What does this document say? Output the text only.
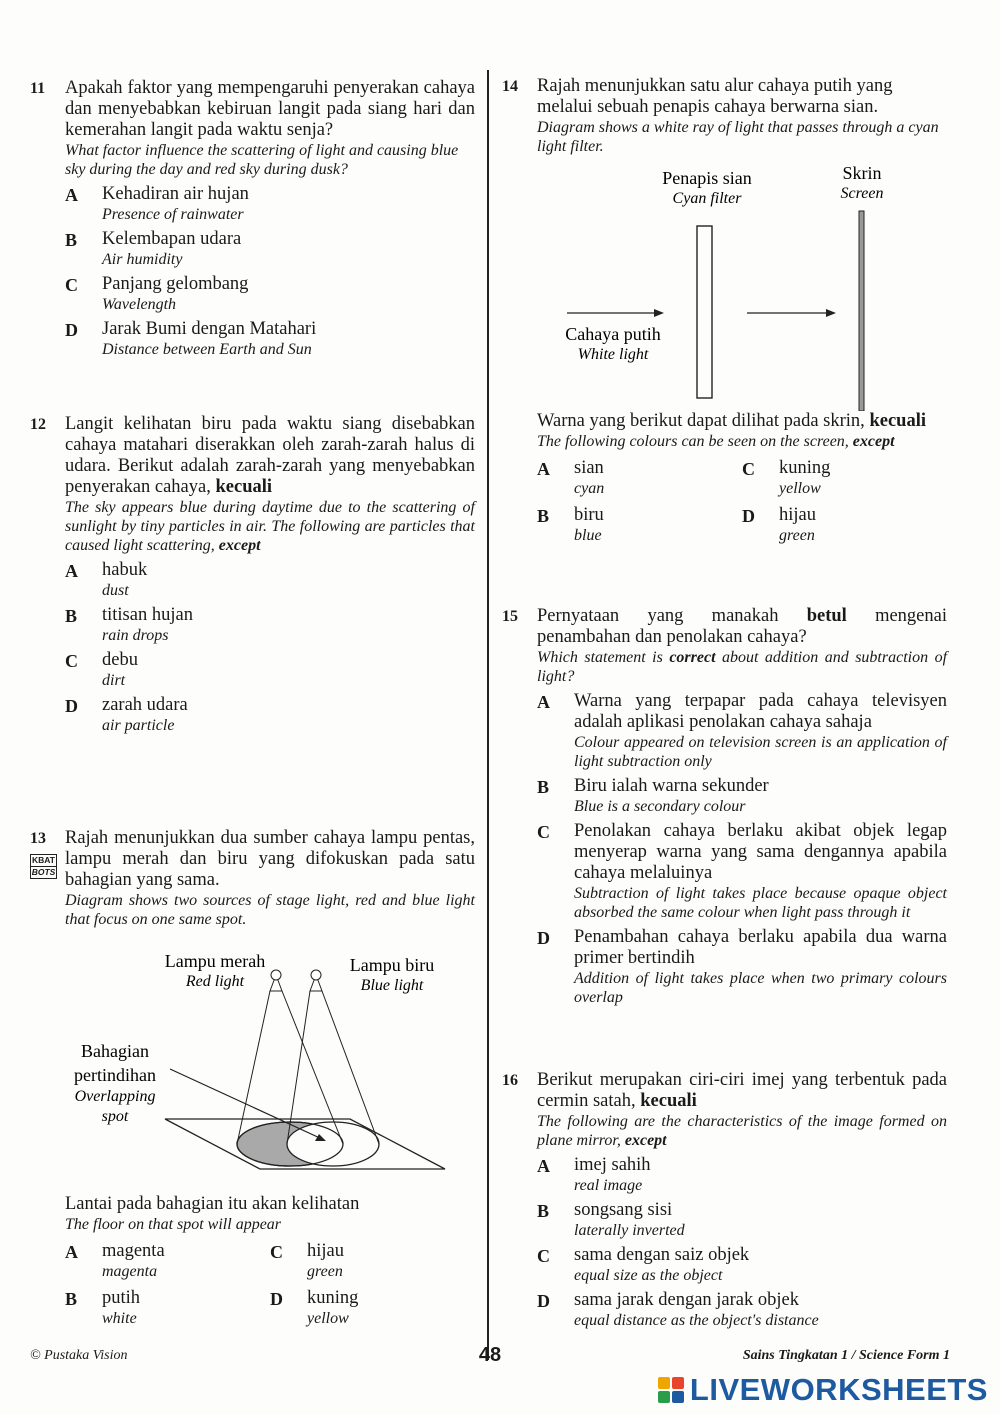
11 Apakah faktor yang mempengaruhi penyerakan cahaya dan menyebabkan kebiruan langit pada siang hari dan kemerahan langit pada waktu senja?
What factor influence the scattering of light and causing blue sky during the day and red sky during dusk?
A Kehadiran air hujan
Presence of rainwater
B Kelembapan udara
Air humidity
C Panjang gelombang
Wavelength
D Jarak Bumi dengan Matahari
Distance between Earth and Sun
12 Langit kelihatan biru pada waktu siang disebabkan cahaya matahari diserakkan oleh zarah-zarah halus di udara. Berikut adalah zarah-zarah yang menyebabkan penyerakan cahaya, kecuali
The sky appears blue during daytime due to the scattering of sunlight by tiny particles in air. The following are particles that caused light scattering, except
A habuk
dust
B titisan hujan
rain drops
C debu
dirt
D zarah udara
air particle
13
KBAT
BOTS
Rajah menunjukkan dua sumber cahaya lampu pentas, lampu merah dan biru yang difokuskan pada satu bahagian yang sama.
Diagram shows two sources of stage light, red and blue light that focus on one same spot.
Lampu merah
Red light
Lampu biru
Blue light
Bahagian
pertindihan
Overlapping
spot
Lantai pada bahagian itu akan kelihatan
The floor on that spot will appear
A magenta
magenta
C hijau
green
B putih
white
D kuning
yellow
14 Rajah menunjukkan satu alur cahaya putih yang melalui sebuah penapis cahaya berwarna sian.
Diagram shows a white ray of light that passes through a cyan light filter.
Penapis sian
Cyan filter
Skrin
Screen
Cahaya putih
White light
Warna yang berikut dapat dilihat pada skrin, kecuali
The following colours can be seen on the screen, except
A sian
cyan
C kuning
yellow
B biru
blue
D hijau
green
15 Pernyataan yang manakah betul mengenai penambahan dan penolakan cahaya?
Which statement is correct about addition and subtraction of light?
A Warna yang terpapar pada cahaya televisyen adalah aplikasi penolakan cahaya sahaja
Colour appeared on television screen is an application of light subtraction only
B Biru ialah warna sekunder
Blue is a secondary colour
C Penolakan cahaya berlaku akibat objek legap menyerap warna yang sama dengannya apabila cahaya melaluinya
Subtraction of light takes place because opaque object absorbed the same colour when light pass through it
D Penambahan cahaya berlaku apabila dua warna primer bertindih
Addition of light takes place when two primary colours overlap
16 Berikut merupakan ciri-ciri imej yang terbentuk pada cermin satah, kecuali
The following are the characteristics of the image formed on plane mirror, except
A imej sahih
real image
B songsang sisi
laterally inverted
C sama dengan saiz objek
equal size as the object
D sama jarak dengan jarak objek
equal distance as the object's distance
© Pustaka Vision	48	Sains Tingkatan 1 / Science Form 1
LIVEWORKSHEETS
